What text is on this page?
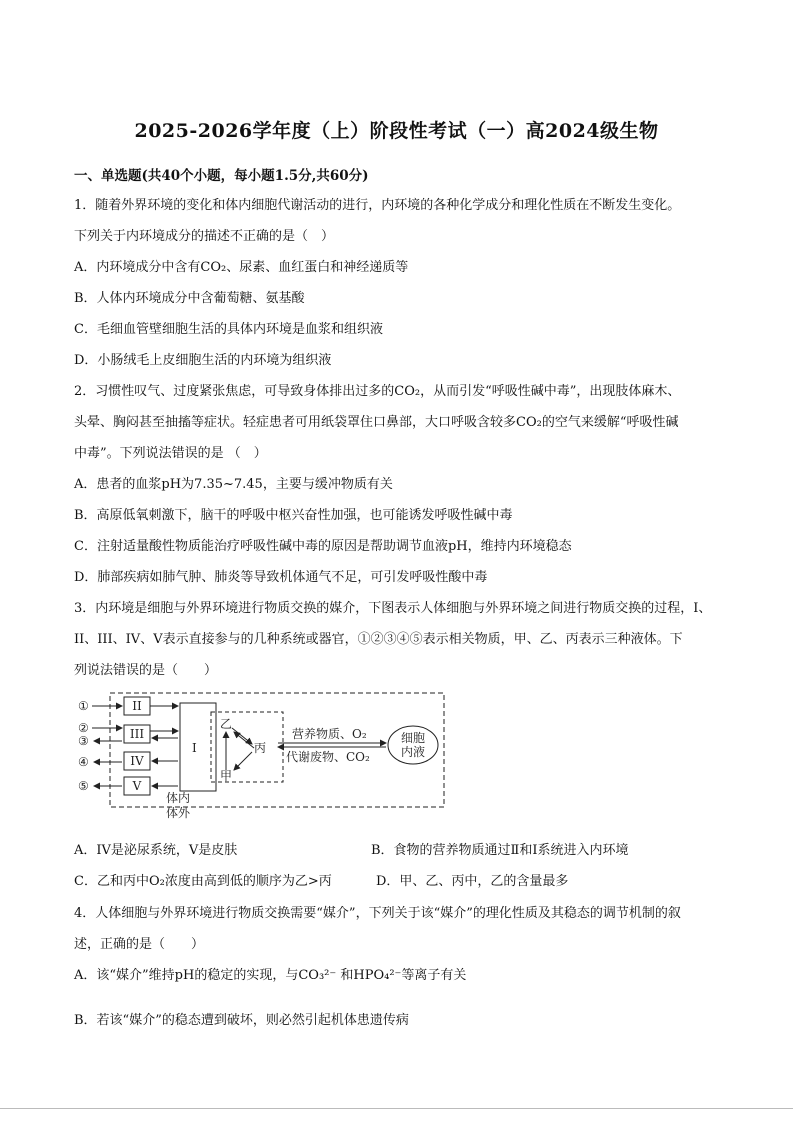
2025-2026学年度（上）阶段性考试（一）高2024级生物
一、单选题(共40个小题，每小题1.5分,共60分)
1．随着外界环境的变化和体内细胞代谢活动的进行，内环境的各种化学成分和理化性质在不断发生变化。
下列关于内环境成分的描述不正确的是（　）
A．内环境成分中含有CO₂、尿素、血红蛋白和神经递质等
B．人体内环境成分中含葡萄糖、氨基酸
C．毛细血管壁细胞生活的具体内环境是血浆和组织液
D．小肠绒毛上皮细胞生活的内环境为组织液
2．习惯性叹气、过度紧张焦虑，可导致身体排出过多的CO₂，从而引发“呼吸性碱中毒”，出现肢体麻木、
头晕、胸闷甚至抽搐等症状。轻症患者可用纸袋罩住口鼻部，大口呼吸含较多CO₂的空气来缓解“呼吸性碱
中毒”。下列说法错误的是 （　）
A．患者的血浆pH为7.35~7.45，主要与缓冲物质有关
B．高原低氧刺激下，脑干的呼吸中枢兴奋性加强，也可能诱发呼吸性碱中毒
C．注射适量酸性物质能治疗呼吸性碱中毒的原因是帮助调节血液pH，维持内环境稳态
D．肺部疾病如肺气肿、肺炎等导致机体通气不足，可引发呼吸性酸中毒
3．内环境是细胞与外界环境进行物质交换的媒介，下图表示人体细胞与外界环境之间进行物质交换的过程，I、
II、III、IV、V表示直接参与的几种系统或器官，①②③④⑤表示相关物质，甲、乙、丙表示三种液体。下
列说法错误的是（　　）
①
②
③
④
⑤
II
III
IV
V
I
乙
丙
甲
营养物质、O₂
代谢废物、CO₂
细胞
内液
体内
体外
A．IV是泌尿系统，V是皮肤	B．食物的营养物质通过Ⅱ和Ⅰ系统进入内环境
C．乙和丙中O₂浓度由高到低的顺序为乙>丙	D．甲、乙、丙中，乙的含量最多
4．人体细胞与外界环境进行物质交换需要“媒介”，下列关于该“媒介”的理化性质及其稳态的调节机制的叙
述，正确的是（　　）
A．该“媒介”维持pH的稳定的实现，与CO₃²⁻ 和HPO₄²⁻等离子有关
B．若该“媒介”的稳态遭到破坏，则必然引起机体患遗传病
